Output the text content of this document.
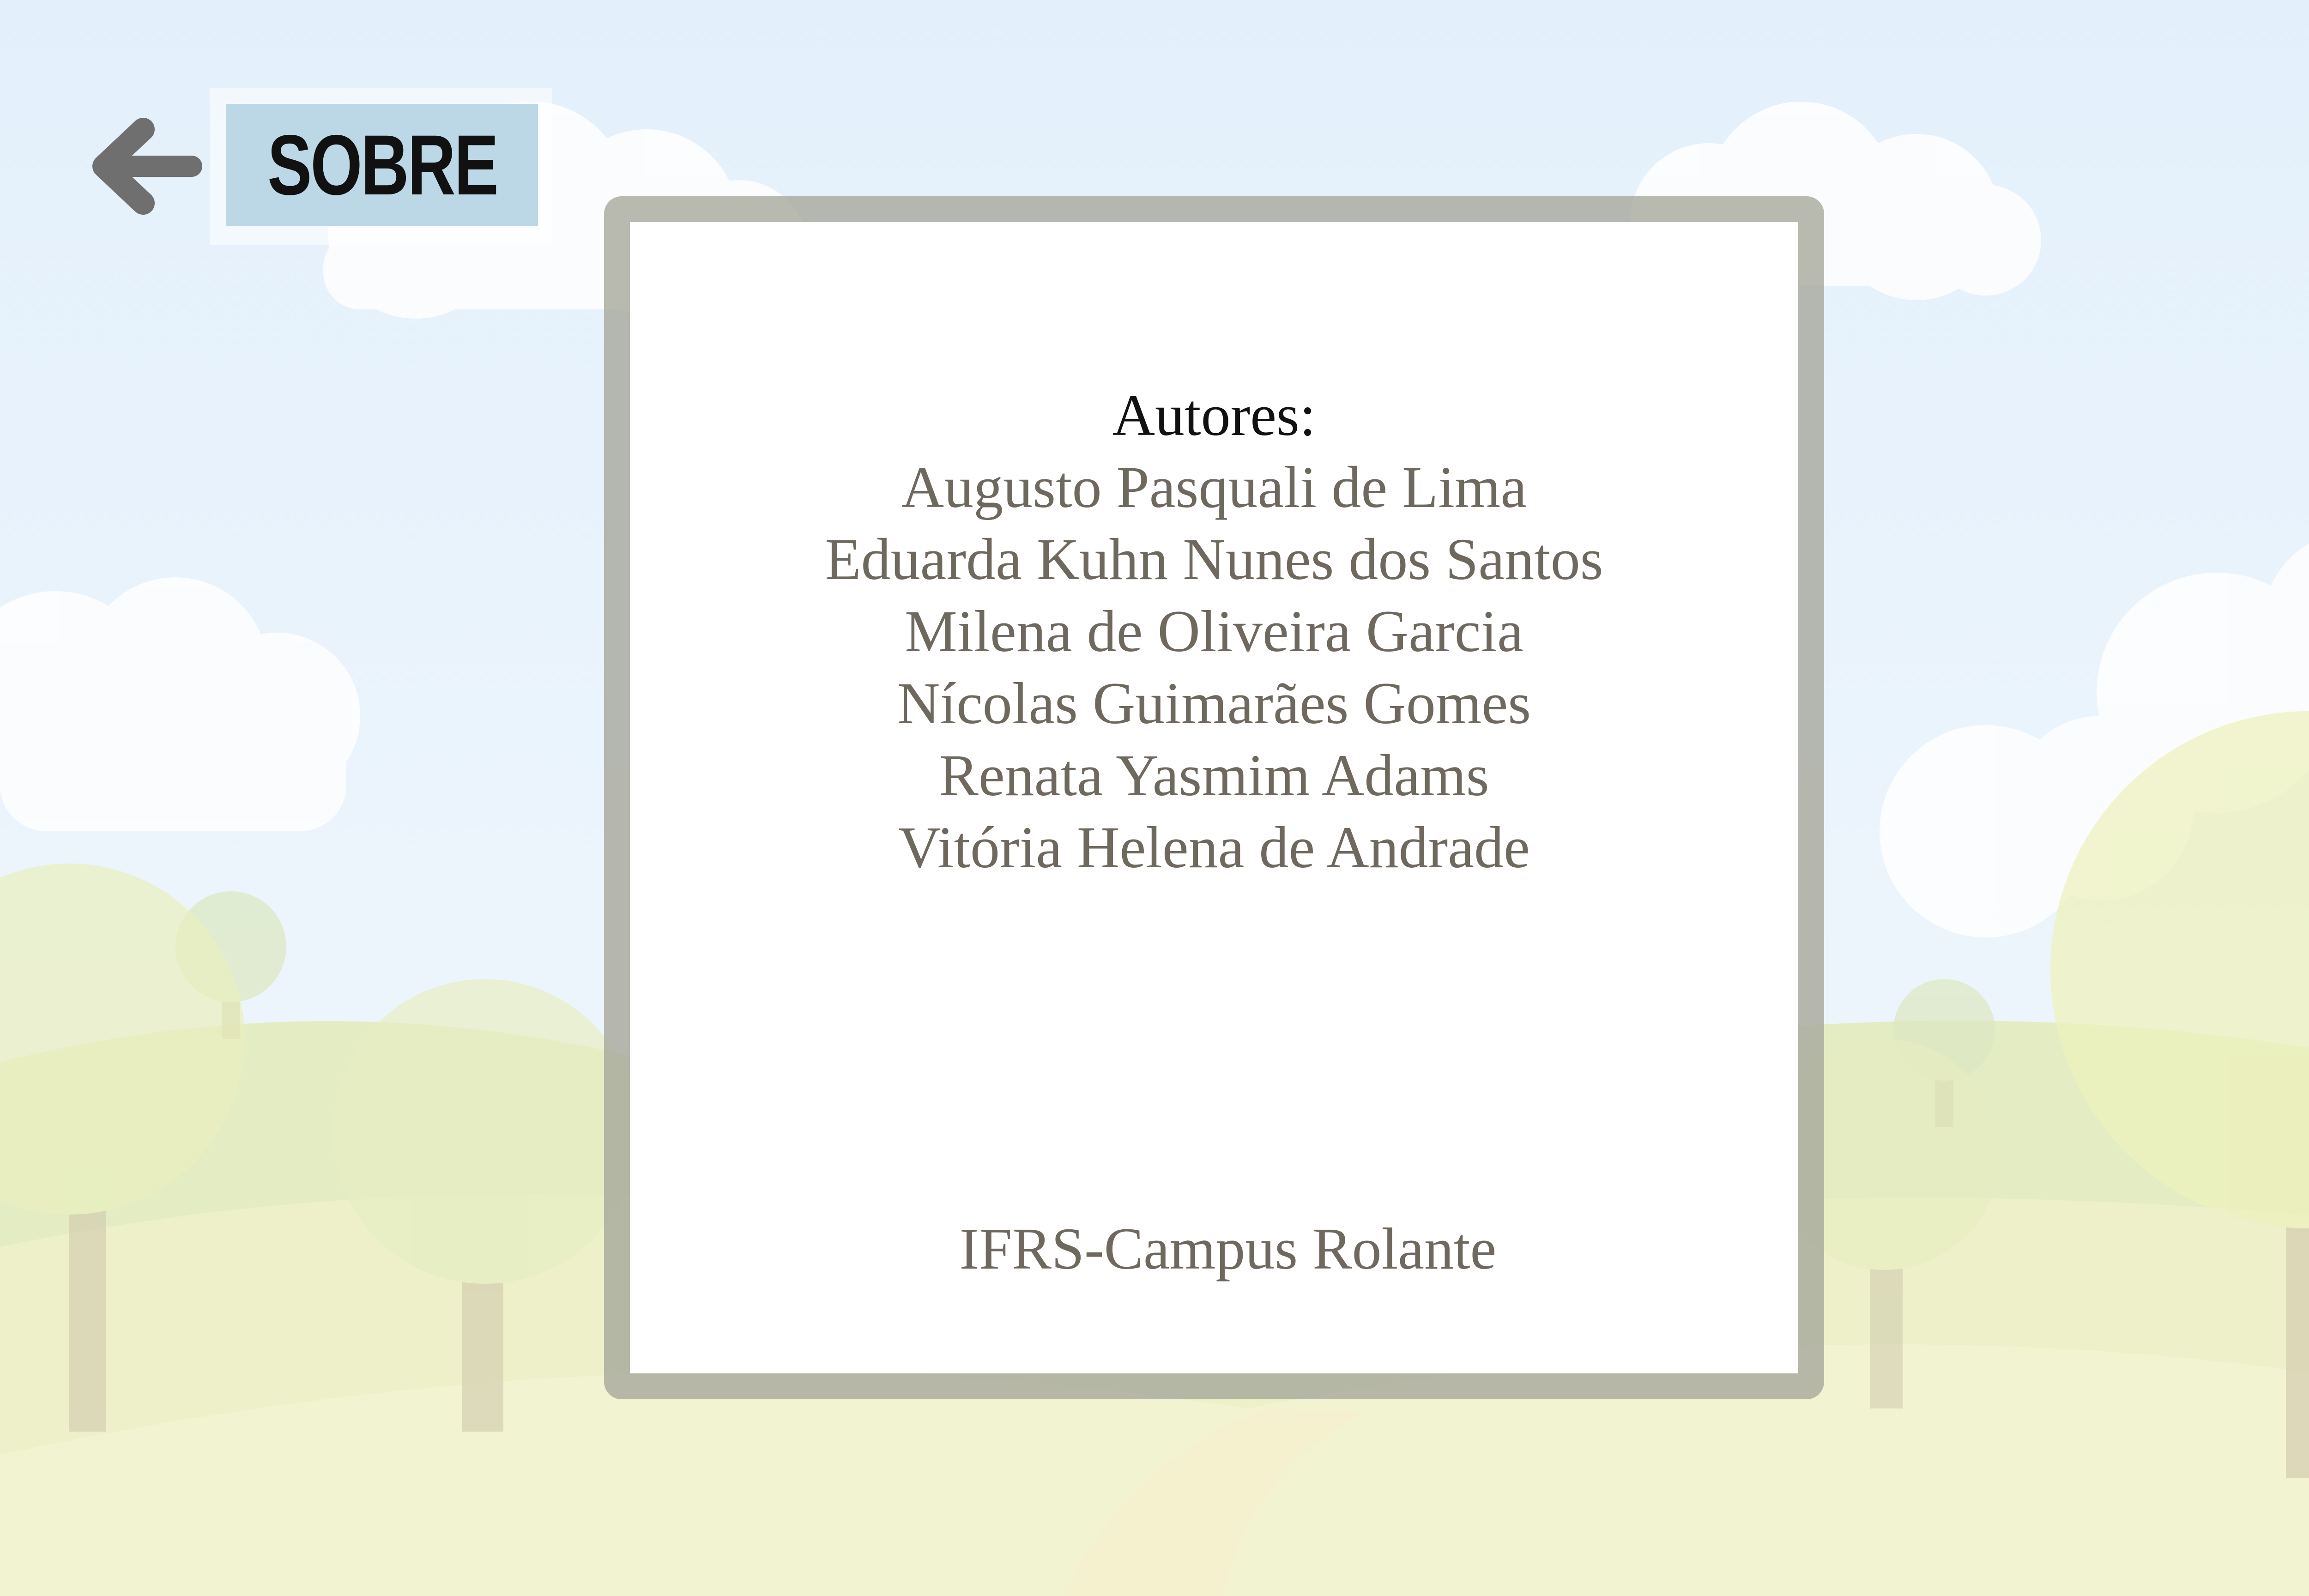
SOBRE
Autores:
Augusto Pasquali de Lima
Eduarda Kuhn Nunes dos Santos
Milena de Oliveira Garcia
Nícolas Guimarães Gomes
Renata Yasmim Adams
Vitória Helena de Andrade
IFRS-Campus Rolante
